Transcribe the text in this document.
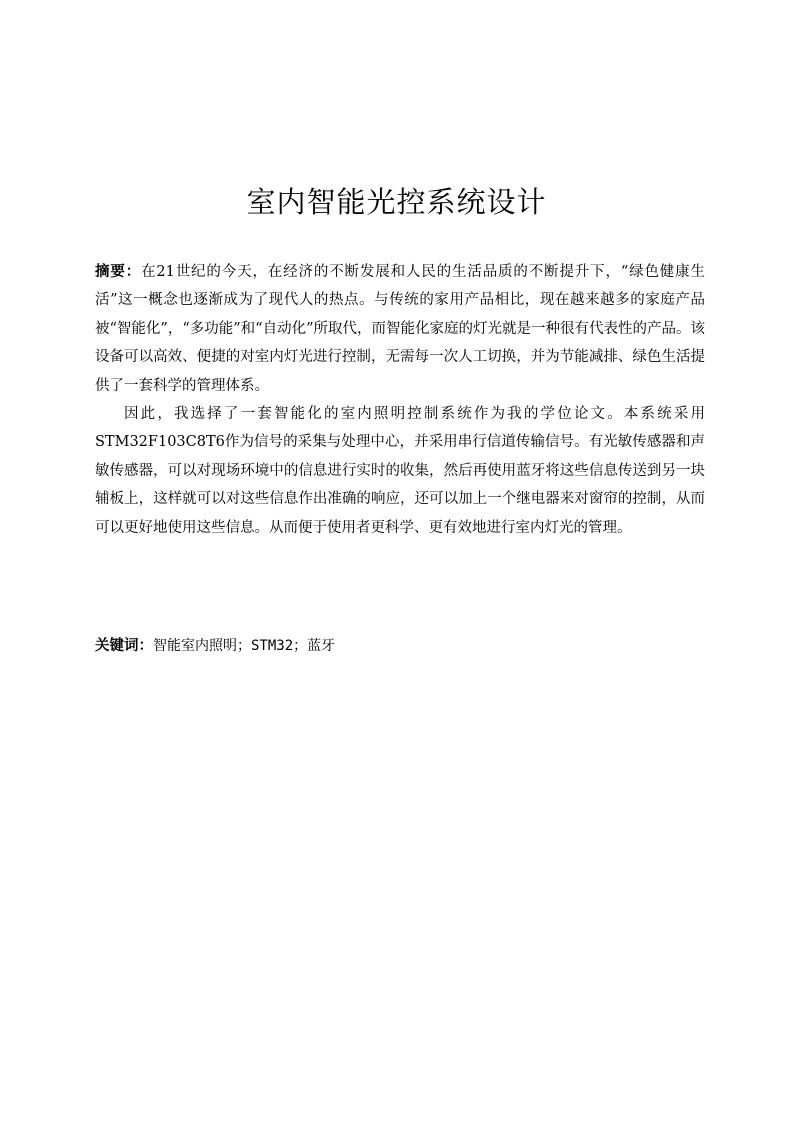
室内智能光控系统设计

摘要：在21世纪的今天，在经济的不断发展和人民的生活品质的不断提升下，“绿色健康生活”这一概念也逐渐成为了现代人的热点。与传统的家用产品相比，现在越来越多的家庭产品被“智能化”，“多功能”和“自动化”所取代，而智能化家庭的灯光就是一种很有代表性的产品。该设备可以高效、便捷的对室内灯光进行控制，无需每一次人工切换，并为节能减排、绿色生活提供了一套科学的管理体系。

因此，我选择了一套智能化的室内照明控制系统作为我的学位论文。本系统采用STM32F103C8T6作为信号的采集与处理中心，并采用串行信道传输信号。有光敏传感器和声敏传感器，可以对现场环境中的信息进行实时的收集，然后再使用蓝牙将这些信息传送到另一块辅板上，这样就可以对这些信息作出准确的响应，还可以加上一个继电器来对窗帘的控制，从而可以更好地使用这些信息。从而便于使用者更科学、更有效地进行室内灯光的管理。

关键词：智能室内照明；STM32；蓝牙
